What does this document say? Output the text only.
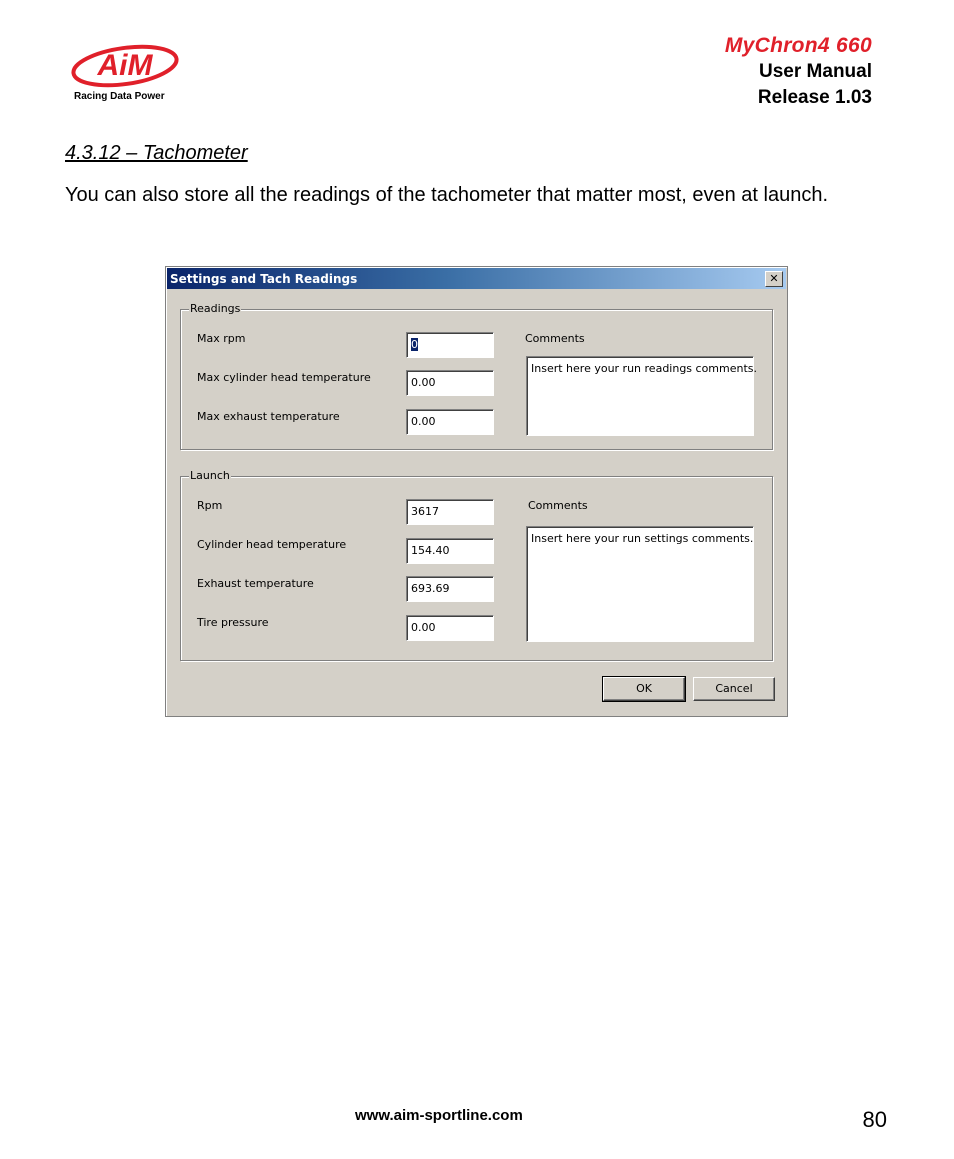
AiM
Racing Data Power
MyChron4 660
User Manual
Release 1.03
4.3.12 – Tachometer
You can also store all the readings of the tachometer that matter most, even at launch.
Settings and Tach Readings	✕
Readings
Max rpm	0
Max cylinder head temperature	0.00
Max exhaust temperature	0.00
Comments
Insert here your run readings comments.
Launch
Rpm	3617
Cylinder head temperature	154.40
Exhaust temperature	693.69
Tire pressure	0.00
Comments
Insert here your run settings comments.
OK	Cancel
www.aim-sportline.com	80
